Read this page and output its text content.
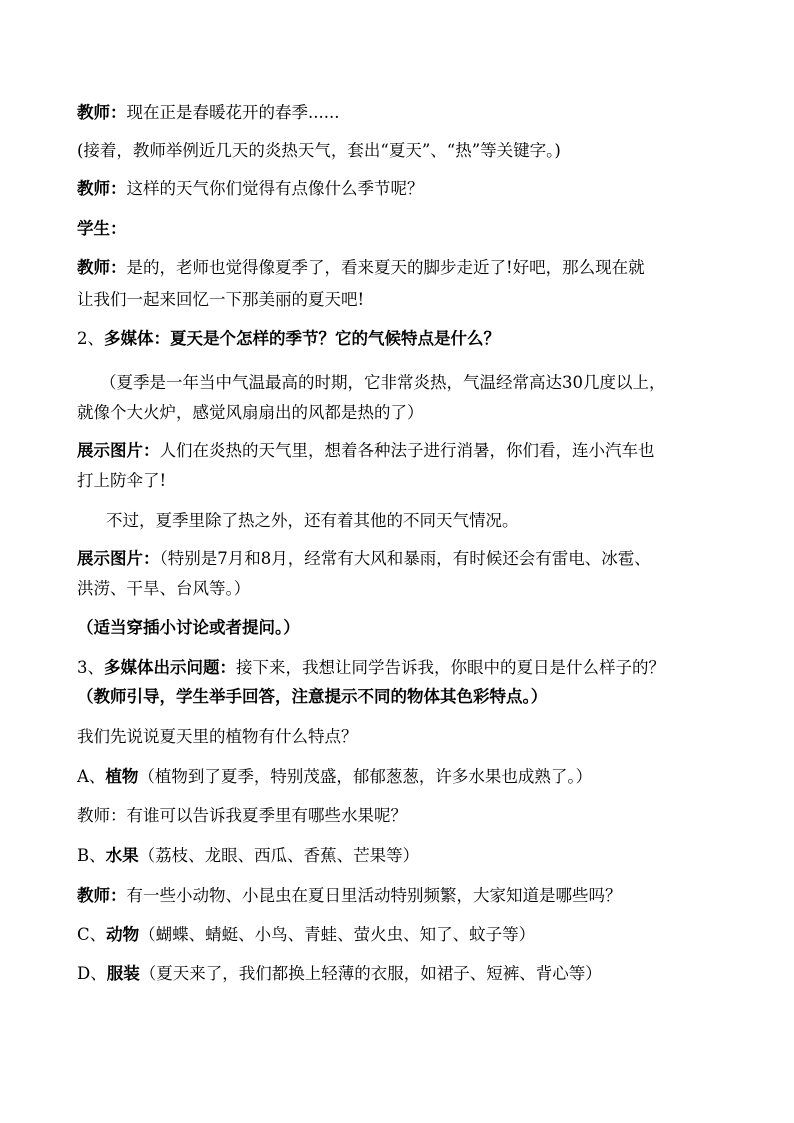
教师：现在正是春暖花开的春季......
(接着，教师举例近几天的炎热天气，套出“夏天”、“热”等关键字。)
教师：这样的天气你们觉得有点像什么季节呢？
学生：
教师：是的，老师也觉得像夏季了，看来夏天的脚步走近了!好吧，那么现在就
让我们一起来回忆一下那美丽的夏天吧!
2、多媒体：夏天是个怎样的季节？它的气候特点是什么？
（夏季是一年当中气温最高的时期，它非常炎热，气温经常高达30几度以上，
就像个大火炉，感觉风扇扇出的风都是热的了）
展示图片：人们在炎热的天气里，想着各种法子进行消暑，你们看，连小汽车也
打上防伞了!
不过，夏季里除了热之外，还有着其他的不同天气情况。
展示图片：（特别是7月和8月，经常有大风和暴雨，有时候还会有雷电、冰雹、
洪涝、干旱、台风等。）
（适当穿插小讨论或者提问。）
3、多媒体出示问题：接下来，我想让同学告诉我，你眼中的夏日是什么样子的？
（教师引导，学生举手回答，注意提示不同的物体其色彩特点。）
我们先说说夏天里的植物有什么特点？
A、植物（植物到了夏季，特别茂盛，郁郁葱葱，许多水果也成熟了。）
教师：有谁可以告诉我夏季里有哪些水果呢？
B、水果（荔枝、龙眼、西瓜、香蕉、芒果等）
教师：有一些小动物、小昆虫在夏日里活动特别频繁，大家知道是哪些吗？
C、动物（蝴蝶、蜻蜓、小鸟、青蛙、萤火虫、知了、蚊子等）
D、服装（夏天来了，我们都换上轻薄的衣服，如裙子、短裤、背心等）
